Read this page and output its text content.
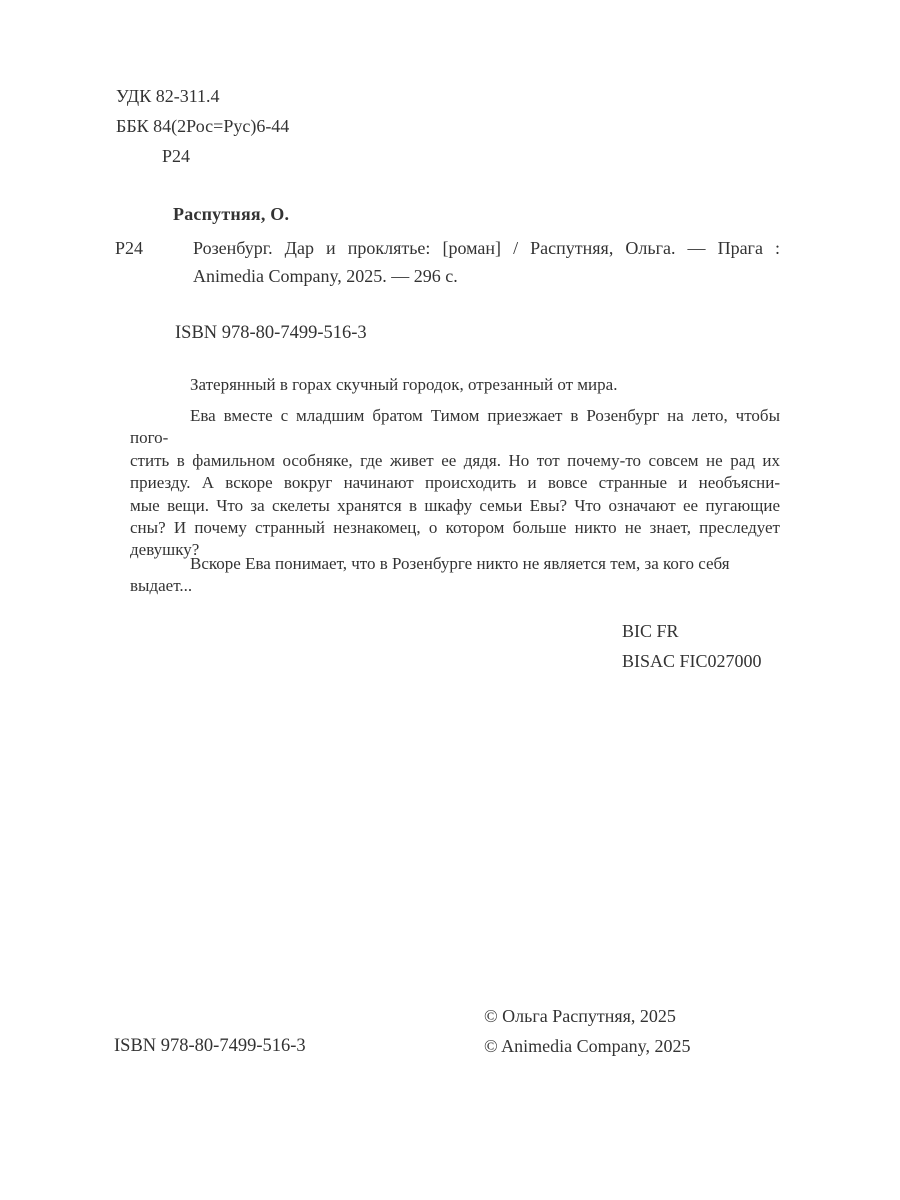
УДК 82-311.4
ББК 84(2Рос=Рус)6-44
Р24
Распутняя, О.
Р24	Розенбург. Дар и проклятье: [роман] / Распутняя, Ольга. — Прага :
Animedia Company, 2025. — 296 с.
ISBN 978-80-7499-516-3
Затерянный в горах скучный городок, отрезанный от мира.
Ева вместе с младшим братом Тимом приезжает в Розенбург на лето, чтобы пого-
стить в фамильном особняке, где живет ее дядя. Но тот почему-то совсем не рад их
приезду. А вскоре вокруг начинают происходить и вовсе странные и необъясни-
мые вещи. Что за скелеты хранятся в шкафу семьи Евы? Что означают ее пугающие
сны? И почему странный незнакомец, о котором больше никто не знает, преследует
девушку?
Вскоре Ева понимает, что в Розенбурге никто не является тем, за кого себя выдает...
BIC FR
BISAC FIC027000
© Ольга Распутняя, 2025
ISBN 978-80-7499-516-3	© Animedia Company, 2025
